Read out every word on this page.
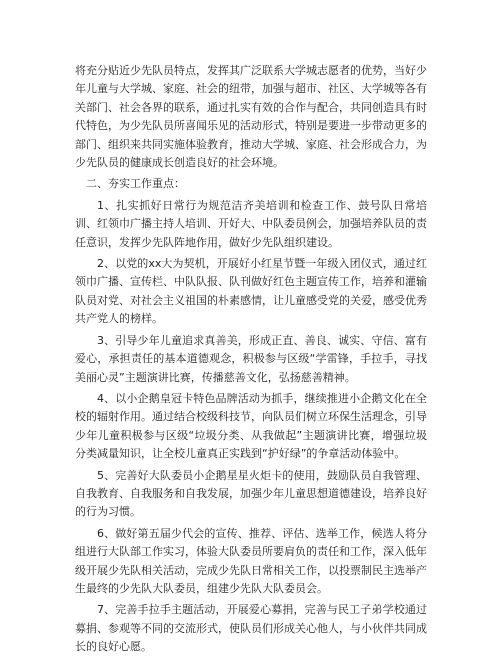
将充分贴近少先队员特点，发挥其广泛联系大学城志愿者的优势，当好少年儿童与大学城、家庭、社会的纽带，加强与超市、社区、大学城等各有关部门、社会各界的联系，通过扎实有效的合作与配合，共同创造具有时代特色，为少先队员所喜闻乐见的活动形式，特别是要进一步带动更多的部门、组织来共同实施体验教育，推动大学城、家庭、社会形成合力，为少先队员的健康成长创造良好的社会环境。

二、夯实工作重点：

1、扎实抓好日常行为规范洁齐美培训和检查工作、鼓号队日常培训、红领巾广播主持人培训、开好大、中队委员例会，加强培养队员的责任意识，发挥少先队阵地作用，做好少先队组织建设。

2、以党的xx大为契机，开展好小红星节暨一年级入团仪式，通过红领巾广播、宣传栏、中队队报、队刊做好红色主题宣传工作，培养和灌输队员对党、对社会主义祖国的朴素感情，让儿童感受党的关爱，感受优秀共产党人的榜样。

3、引导少年儿童追求真善美，形成正直、善良、诚实、守信、富有爱心，承担责任的基本道德观念，积极参与区级“学雷锋，手拉手，寻找美丽心灵”主题演讲比赛，传播慈善文化，弘扬慈善精神。

4、以小企鹅皇冠卡特色品牌活动为抓手，继续推进小企鹅文化在全校的辐射作用。通过结合校级科技节，向队员们树立环保生活理念，引导少年儿童积极参与区级“垃圾分类、从我做起”主题演讲比赛，增强垃圾分类减量知识，让全校儿童真正实践到“护好绿”的争章活动体验中。

5、完善好大队委员小企鹅星星火炬卡的使用，鼓励队员自我管理、自我教育、自我服务和自我发展，加强少年儿童思想道德建设，培养良好的行为习惯。

6、做好第五届少代会的宣传、推荐、评估、选举工作，候选人将分组进行大队部工作实习，体验大队委员所要肩负的责任和工作，深入低年级开展少先队相关活动，完成少先队日常相关工作，以投票制民主选举产生最终的少先队大队委员，组建少先队大队委员会。

7、完善手拉手主题活动，开展爱心募捐，完善与民工子弟学校通过募捐、参观等不同的交流形式，使队员们形成关心他人，与小伙伴共同成长的良好心愿。
